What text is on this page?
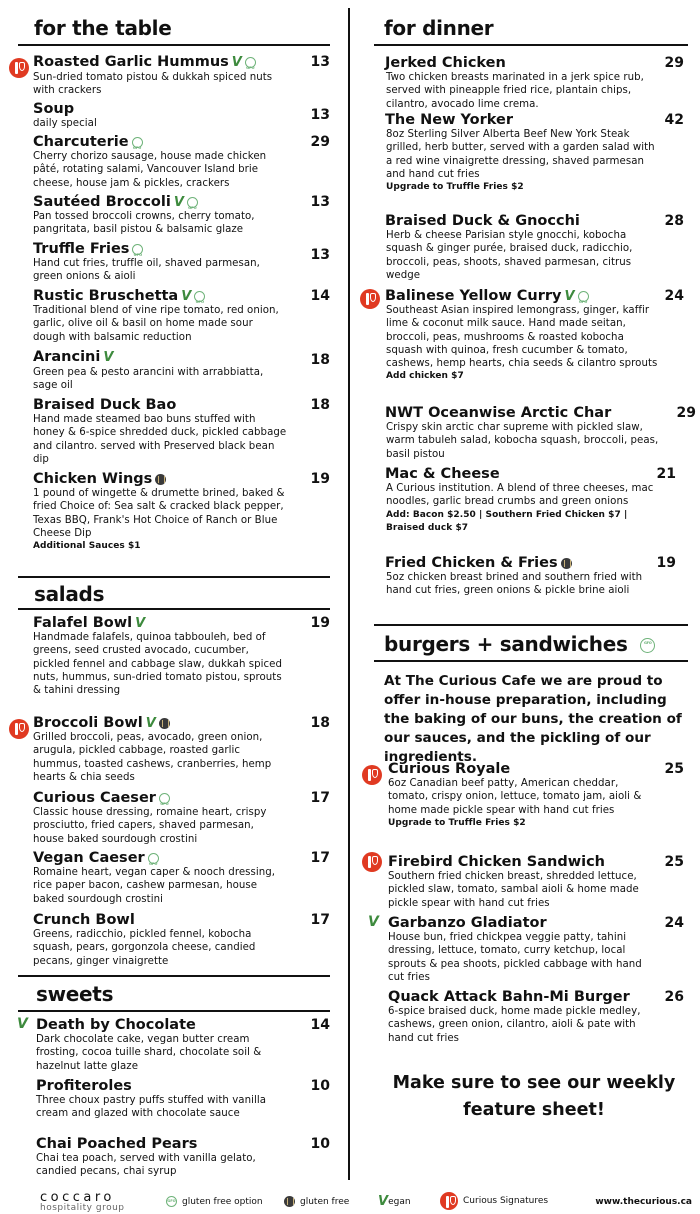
for the table
Roasted Garlic Hummus V GFO	13
Sun-dried tomato pistou & dukkah spiced nuts with crackers
Soup	13
daily special
Charcuterie GFO	29
Cherry chorizo sausage, house made chicken pâté, rotating salami, Vancouver Island brie cheese, house jam & pickles, crackers
Sautéed Broccoli V GFO	13
Pan tossed broccoli crowns, cherry tomato, pangritata, basil pistou & balsamic glaze
Truffle Fries GFO	13
Hand cut fries, truffle oil, shaved parmesan, green onions & aioli
Rustic Bruschetta V GFO	14
Traditional blend of vine ripe tomato, red onion, garlic, olive oil & basil on home made sour dough with balsamic reduction
Arancini V	18
Green pea & pesto arancini with arrabbiatta, sage oil
Braised Duck Bao	18
Hand made steamed bao buns stuffed with honey & 6-spice shredded duck, pickled cabbage and cilantro. served with Preserved black bean dip
Chicken Wings	19
1 pound of wingette & drumette brined, baked & fried Choice of: Sea salt & cracked black pepper, Texas BBQ, Frank's Hot Choice of Ranch or Blue Cheese Dip
Additional Sauces $1
salads
Falafel Bowl V	19
Handmade falafels, quinoa tabbouleh, bed of greens, seed crusted avocado, cucumber, pickled fennel and cabbage slaw, dukkah spiced nuts, hummus, sun-dried tomato pistou, sprouts & tahini dressing
Broccoli Bowl V	18
Grilled broccoli, peas, avocado, green onion, arugula, pickled cabbage, roasted garlic hummus, toasted cashews, cranberries, hemp hearts & chia seeds
Curious Caeser GFO	17
Classic house dressing, romaine heart, crispy prosciutto, fried capers, shaved parmesan, house baked sourdough crostini
Vegan Caeser GFO	17
Romaine heart, vegan caper & nooch dressing, rice paper bacon, cashew parmesan, house baked sourdough crostini
Crunch Bowl	17
Greens, radicchio, pickled fennel, kobocha squash, pears, gorgonzola cheese, candied pecans, ginger vinaigrette
sweets
V Death by Chocolate	14
Dark chocolate cake, vegan butter cream frosting, cocoa tuille shard, chocolate soil & hazelnut latte glaze
Profiteroles	10
Three choux pastry puffs stuffed with vanilla cream and glazed with chocolate sauce
Chai Poached Pears	10
Chai tea poach, served with vanilla gelato, candied pecans, chai syrup
for dinner
Jerked Chicken	29
Two chicken breasts marinated in a jerk spice rub, served with pineapple fried rice, plantain chips, cilantro, avocado lime crema.
The New Yorker	42
8oz Sterling Silver Alberta Beef New York Steak grilled, herb butter, served with a garden salad with a red wine vinaigrette dressing, shaved parmesan and hand cut fries
Upgrade to Truffle Fries $2
Braised Duck & Gnocchi	28
Herb & cheese Parisian style gnocchi, kobocha squash & ginger purée, braised duck, radicchio, broccoli, peas, shoots, shaved parmesan, citrus wedge
Balinese Yellow Curry V GFO	24
Southeast Asian inspired lemongrass, ginger, kaffir lime & coconut milk sauce. Hand made seitan, broccoli, peas, mushrooms & roasted kobocha squash with quinoa, fresh cucumber & tomato, cashews, hemp hearts, chia seeds & cilantro sprouts
Add chicken $7
NWT Oceanwise Arctic Char	29
Crispy skin arctic char supreme with pickled slaw, warm tabuleh salad, kobocha squash, broccoli, peas, basil pistou
Mac & Cheese	21
A Curious institution. A blend of three cheeses, mac noodles, garlic bread crumbs and green onions
Add: Bacon $2.50 | Southern Fried Chicken $7 | Braised duck $7
Fried Chicken & Fries	19
5oz chicken breast brined and southern fried with hand cut fries, green onions & pickle brine aioli
burgers + sandwiches GFO
At The Curious Cafe we are proud to offer in-house preparation, including the baking of our buns, the creation of our sauces, and the pickling of our ingredients.
Curious Royale	25
6oz Canadian beef patty, American cheddar, tomato, crispy onion, lettuce, tomato jam, aioli & home made pickle spear with hand cut fries
Upgrade to Truffle Fries $2
Firebird Chicken Sandwich	25
Southern fried chicken breast, shredded lettuce, pickled slaw, tomato, sambal aioli & home made pickle spear with hand cut fries
V Garbanzo Gladiator	24
House bun, fried chickpea veggie patty, tahini dressing, lettuce, tomato, curry ketchup, local sprouts & pea shoots, pickled cabbage with hand cut fries
Quack Attack Bahn-Mi Burger 26
6-spice braised duck, home made pickle medley, cashews, green onion, cilantro, aioli & pate with hand cut fries
Make sure to see our weekly feature sheet!
coccaro
hospitality group
GFO
gluten free option	gluten free V egan	Curious Signatures	www.thecurious.ca
